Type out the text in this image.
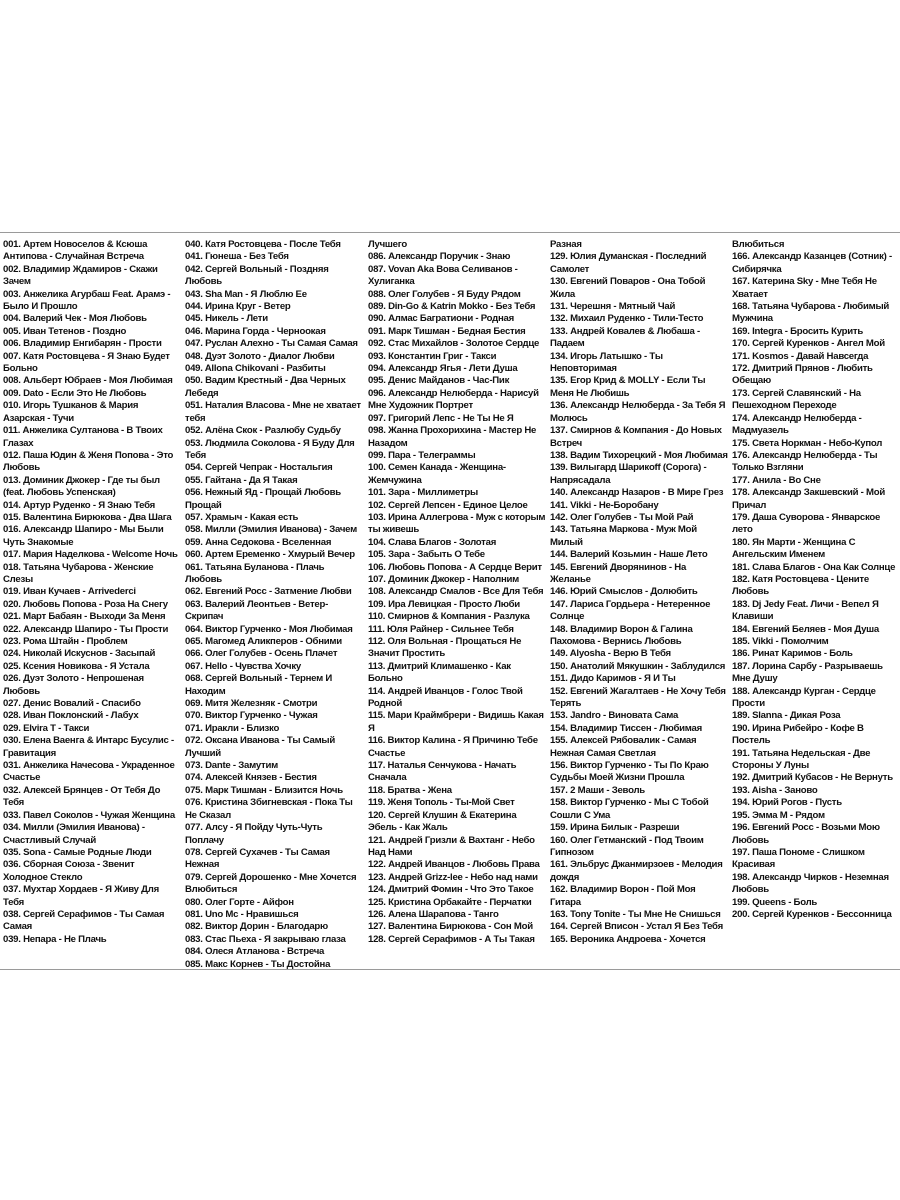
001. Артем Новоселов & Ксюша Антипова - Случайная Встреча

002. Владимир Ждамиров - Скажи Зачем

003. Анжелика Агурбаш Feat. Арамэ - Было И Прошло

004. Валерий Чек - Моя Любовь

005. Иван Тетенов - Поздно

006. Владимир Енгибарян - Прости

007. Катя Ростовцева - Я Знаю Будет Больно

008. Альберт Юбраев - Моя Любимая

009. Dato - Если Это Не Любовь

010. Игорь Тушканов & Мария Азарская - Тучи

011. Анжелика Султанова - В Твоих Глазах

012. Паша Юдин & Женя Попова - Это Любовь

013. Доминик Джокер - Где ты был (feat. Любовь Успенская)

014. Артур Руденко - Я Знаю Тебя

015. Валентина Бирюкова - Два Шага

016. Александр Шапиро - Мы Были Чуть Знакомые

017. Мария Наделкова - Welcome Ночь

018. Татьяна Чубарова - Женские Слезы

019. Иван Кучаев - Arrivederci

020. Любовь Попова - Роза На Снегу

021. Март Бабаян - Выходи За Меня

022. Александр Шапиро - Ты Прости

023. Рома Штайн - Проблем

024. Николай Искуснов - Засыпай

025. Ксения Новикова - Я Устала

026. Дуэт Золото - Непрошеная Любовь

027. Денис Вовалий - Спасибо

028. Иван Поклонский - Лабух

029. Elvira T - Такси

030. Елена Ваенга & Интарс Бусулис - Гравитация

031. Анжелика Начесова - Украденное Счастье

032. Алексей Брянцев - От Тебя До Тебя

033. Павел Соколов - Чужая Женщина

034. Милли (Эмилия Иванова) - Счастливый Случай

035. Sona - Самые Родные Люди

036. Сборная Союза - Звенит Холодное Стекло

037. Мухтар Хордаев - Я Живу Для Тебя

038. Сергей Серафимов - Ты Самая Самая

039. Непара - Не Плачь

040. Катя Ростовцева - После Тебя

041. Гюнеша - Без Тебя

042. Сергей Вольный - Поздняя Любовь

043. Sha Man - Я Люблю Ее

044. Ирина Круг - Ветер

045. Никель - Лети

046. Марина Горда - Черноокая

047. Руслан Алехно - Ты Самая Самая

048. Дуэт Золото - Диалог Любви

049. Allona Chikovani - Разбиты

050. Вадим Крестный - Два Черных Лебедя

051. Наталия Власова - Мне не хватает тебя

052. Алёна Скок - Разлюбу Судьбу

053. Людмила Соколова - Я Буду Для Тебя

054. Сергей Чепрак - Ностальгия

055. Гайтана - Да Я Такая

056. Нежный Яд - Прощай Любовь Прощай

057. Храмыч - Какая есть

058. Милли (Эмилия Иванова) - Зачем

059. Анна Седокова - Вселенная

060. Артем Еременко - Хмурый Вечер

061. Татьяна Буланова - Плачь Любовь

062. Евгений Росс - Затмение Любви

063. Валерий Леонтьев - Ветер-Скрипач

064. Виктор Гурченко - Моя Любимая

065. Магомед Аликперов - Обними

066. Олег Голубев - Осень Плачет

067. Hello - Чувства Хочку

068. Сергей Вольный - Тернем И Находим

069. Митя Железняк - Смотри

070. Виктор Гурченко - Чужая

071. Иракли - Близко

072. Оксана Иванова - Ты Самый Лучший

073. Dante - Замутим

074. Алексей Князев - Бестия

075. Марк Тишман - Близится Ночь

076. Кристина Збигневская - Пока Ты Не Сказал

077. Алсу - Я Пойду Чуть-Чуть Поплачу

078. Сергей Сухачев - Ты Самая Нежная

079. Сергей Дорошенко - Мне Хочется Влюбиться

080. Олег Горте - Айфон

081. Uno Mc - Нравишься

082. Виктор Дорин - Благодарю

083. Стас Пьеха - Я закрываю глаза

084. Олеся Атланова - Встреча

085. Макс Корнев - Ты Достойна

Лучшего

086. Александр Поручик - Знаю

087. Vovan Aka Вова Селиванов - Хулиганка

088. Олег Голубев - Я Буду Рядом

089. Din-Go & Katrin Mokko - Без Тебя

090. Алмас Багратиони - Родная

091. Марк Тишман - Бедная Бестия

092. Стас Михайлов - Золотое Сердце

093. Константин Григ - Такси

094. Александр Ягья - Лети Душа

095. Денис Майданов - Час-Пик

096. Александр Нелюберда - Нарисуй Мне Художник Портрет

097. Григорий Лепс - Не Ты Не Я

098. Жанна Прохорихина - Мастер Не Назадом

099. Пара - Телеграммы

100. Семен Канада - Женщина-Жемчужина

101. Зара - Миллиметры

102. Сергей Лепсен - Единое Целое

103. Ирина Аллегрова - Муж с которым ты живешь

104. Слава Благов - Золотая

105. Зара - Забыть О Тебе

106. Любовь Попова - А Сердце Верит

107. Доминик Джокер - Наполним

108. Александр Смалов - Все Для Тебя

109. Ира Левицкая - Просто Люби

110. Смирнов & Компания - Разлука

111. Юля Райнер - Сильнее Тебя

112. Оля Вольная - Прощаться Не Значит Простить

113. Дмитрий Климашенко - Как Больно

114. Андрей Иванцов - Голос Твой Родной

115. Мари Краймбрери - Видишь Какая Я

116. Виктор Калина - Я Причиню Тебе Счастье

117. Наталья Сенчукова - Начать Сначала

118. Братва - Жена

119. Женя Тополь - Ты-Мой Свет

120. Сергей Клушин & Екатерина Эбель - Как Жаль

121. Андрей Гризли & Вахтанг - Небо Над Нами

122. Андрей Иванцов - Любовь Права

123. Андрей Grizz-lee - Небо над нами

124. Дмитрий Фомин - Что Это Такое

125. Кристина Орбакайте - Перчатки

126. Алена Шарапова - Танго

127. Валентина Бирюкова - Сон Мой

128. Сергей Серафимов - А Ты Такая

Разная

129. Юлия Думанская - Последний Самолет

130. Евгений Поваров - Она Тобой Жила

131. Черешня - Мятный Чай

132. Михаил Руденко - Тили-Тесто

133. Андрей Ковалев & Любаша - Падаем

134. Игорь Латышко - Ты Неповторимая

135. Егор Крид & MOLLY - Если Ты Меня Не Любишь

136. Александр Нелюберда - За Тебя Я Молюсь

137. Смирнов & Компания - До Новых Встреч

138. Вадим Тихорецкий - Моя Любимая

139. Вилыгард Шарикoff (Сорoга) - Напрясадала

140. Александр Назаров - В Мире Грез

141. Vikki - Не-Боробану

142. Олег Голубев - Ты Мой Рай

143. Татьяна Маркова - Муж Мой Милый

144. Валерий Козьмин - Наше Лето

145. Евгений Дворянинов - На Желанье

146. Юрий Смыслов - Долюбить

147. Лариса Гордьера - Нетеренное Солнце

148. Владимир Ворон & Галина Пахомова - Вернись Любовь

149. Alyosha - Верю В Тебя

150. Анатолий Мякушкин - Заблудился

151. Дидо Каримов - Я И Ты

152. Евгений Жагалтаев - Не Хочу Тебя Терять

153. Jandro - Виновата Сама

154. Владимир Тиссен - Любимая

155. Алексей Рябовалик - Самая Нежная Самая Светлая

156. Виктор Гурченко - Ты По Краю Судьбы Моей Жизни Прошла

157. 2 Маши - Зеволь

158. Виктор Гурченко - Мы С Тобой Сошли С Ума

159. Ирина Билык - Разреши

160. Олег Гетманский - Под Твоим Гипнозом

161. Эльбрус Джанмирзоев - Мелодия дождя

162. Владимир Ворон - Пой Моя Гитара

163. Tony Tonite - Ты Мне Не Снишься

164. Сергей Вписон - Устал Я Без Тебя

165. Вероника Андроева - Хочется

Влюбиться

166. Александр Казанцев (Сотник) - Сибирячка

167. Катерина Sky - Мне Тебя Не Хватает

168. Татьяна Чубарова - Любимый Мужчина

169. Integra - Бросить Курить

170. Сергей Куренков - Ангел Мой

171. Kosmos - Давай Навсегда

172. Дмитрий Прянов - Любить Обещаю

173. Сергей Славянский - На Пешеходном Переходе

174. Александр Нелюберда - Мадмуазель

175. Света Норкман - Небо-Купол

176. Александр Нелюберда - Ты Только Взгляни

177. Анила - Во Сне

178. Александр Закшевский - Мой Причал

179. Даша Суворова - Январское лето

180. Ян Марти - Женщина С Ангельским Именем

181. Слава Благов - Она Как Солнце

182. Катя Ростовцева - Цените Любовь

183. Dj Jedy Feat. Личи - Вепел Я Клавиши

184. Евгений Беляев - Моя Душа

185. Vikki - Помолчим

186. Ринат Каримов - Боль

187. Лорина Сарбу - Разрываешь Мне Душу

188. Александр Курган - Сердце Прости

189. Slanna - Дикая Роза

190. Ирина Рибейро - Кофе В Постель

191. Татьяна Недельская - Две Стороны У Луны

192. Дмитрий Кубасов - Не Вернуть

193. Aisha - Заново

194. Юрий Рогов - Пусть

195. Эмма М - Рядом

196. Евгений Росс - Возьми Мою Любовь

197. Паша Пономе - Слишком Красивая

198. Александр Чирков - Неземная Любовь

199. Queens - Боль

200. Сергей Куренков - Бессонница
